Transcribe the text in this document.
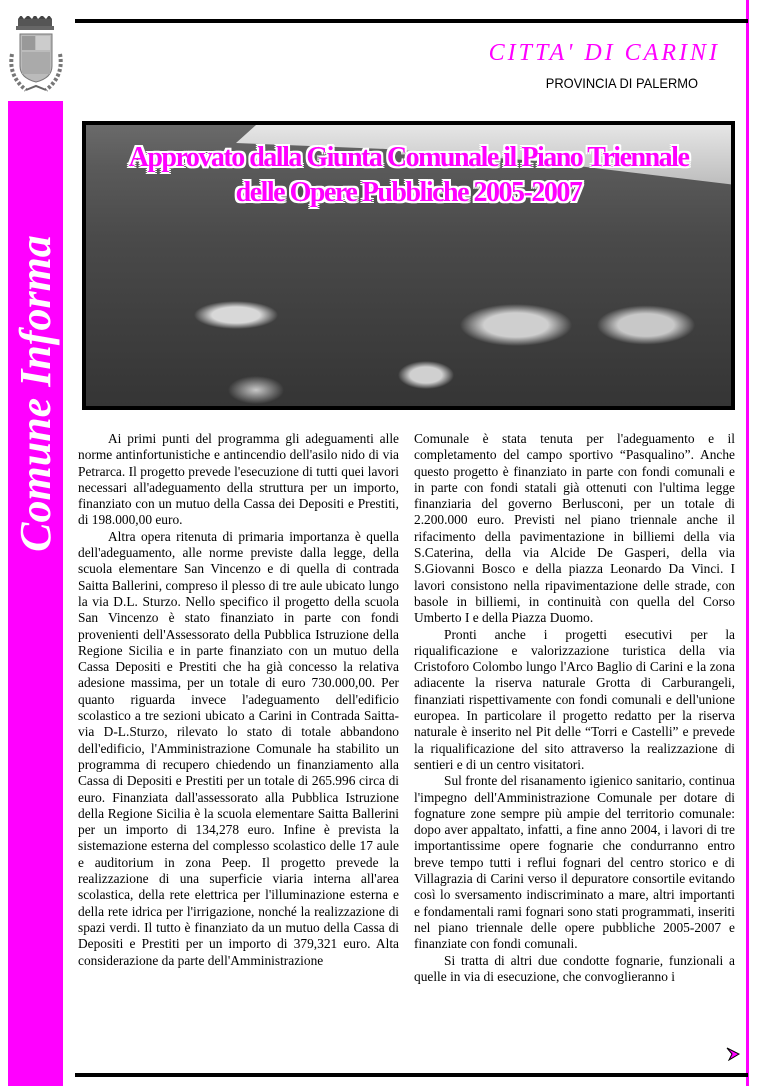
Comune Informa
CITTA' DI CARINI
PROVINCIA DI PALERMO
Approvato dalla Giunta Comunale il Piano Triennale
delle Opere Pubbliche 2005-2007

Ai primi punti del programma gli adeguamenti alle norme antinfortunistiche e antincendio dell'asilo nido di via Petrarca. Il progetto prevede l'esecuzione di tutti quei lavori necessari all'adeguamento della struttura per un importo, finanziato con un mutuo della Cassa dei Depositi e Prestiti, di 198.000,00 euro.

Altra opera ritenuta di primaria importanza è quella dell'adeguamento, alle norme previste dalla legge, della scuola elementare San Vincenzo e di quella di contrada Saitta Ballerini, compreso il plesso di tre aule ubicato lungo la via D.L. Sturzo. Nello specifico il progetto della scuola San Vincenzo è stato finanziato in parte con fondi provenienti dell'Assessorato della Pubblica Istruzione della Regione Sicilia e in parte finanziato con un mutuo della Cassa Depositi e Prestiti che ha già concesso la relativa adesione massima, per un totale di euro 730.000,00. Per quanto riguarda invece l'adeguamento dell'edificio scolastico a tre sezioni ubicato a Carini in Contrada Saitta- via D-L.Sturzo, rilevato lo stato di totale abbandono dell'edificio, l'Amministrazione Comunale ha stabilito un programma di recupero chiedendo un finanziamento alla Cassa di Depositi e Prestiti per un totale di 265.996 circa di euro. Finanziata dall'assessorato alla Pubblica Istruzione della Regione Sicilia è la scuola elementare Saitta Ballerini per un importo di 134,278 euro. Infine è prevista la sistemazione esterna del complesso scolastico delle 17 aule e auditorium in zona Peep. Il progetto prevede la realizzazione di una superficie viaria interna all'area scolastica, della rete elettrica per l'illuminazione esterna e della rete idrica per l'irrigazione, nonché la realizzazione di spazi verdi. Il tutto è finanziato da un mutuo della Cassa di Depositi e Prestiti per un importo di 379,321 euro. Alta considerazione da parte dell'Amministrazione

Comunale è stata tenuta per l'adeguamento e il completamento del campo sportivo “Pasqualino”. Anche questo progetto è finanziato in parte con fondi comunali e in parte con fondi statali già ottenuti con l'ultima legge finanziaria del governo Berlusconi, per un totale di 2.200.000 euro. Previsti nel piano triennale anche il rifacimento della pavimentazione in billiemi della via S.Caterina, della via Alcide De Gasperi, della via S.Giovanni Bosco e della piazza Leonardo Da Vinci. I lavori consistono nella ripavimentazione delle strade, con basole in billiemi, in continuità con quella del Corso Umberto I e della Piazza Duomo.

Pronti anche i progetti esecutivi per la riqualificazione e valorizzazione turistica della via Cristoforo Colombo lungo l'Arco Baglio di Carini e la zona adiacente la riserva naturale Grotta di Carburangeli, finanziati rispettivamente con fondi comunali e dell'unione europea. In particolare il progetto redatto per la riserva naturale è inserito nel Pit delle “Torri e Castelli” e prevede la riqualificazione del sito attraverso la realizzazione di sentieri e di un centro visitatori.

Sul fronte del risanamento igienico sanitario, continua l'impegno dell'Amministrazione Comunale per dotare di fognature zone sempre più ampie del territorio comunale: dopo aver appaltato, infatti, a fine anno 2004, i lavori di tre importantissime opere fognarie che condurranno entro breve tempo tutti i reflui fognari del centro storico e di Villagrazia di Carini verso il depuratore consortile evitando così lo sversamento indiscriminato a mare, altri importanti e fondamentali rami fognari sono stati programmati, inseriti nel piano triennale delle opere pubbliche 2005-2007 e finanziate con fondi comunali.

Si tratta di altri due condotte fognarie, funzionali a quelle in via di esecuzione, che convoglieranno i
